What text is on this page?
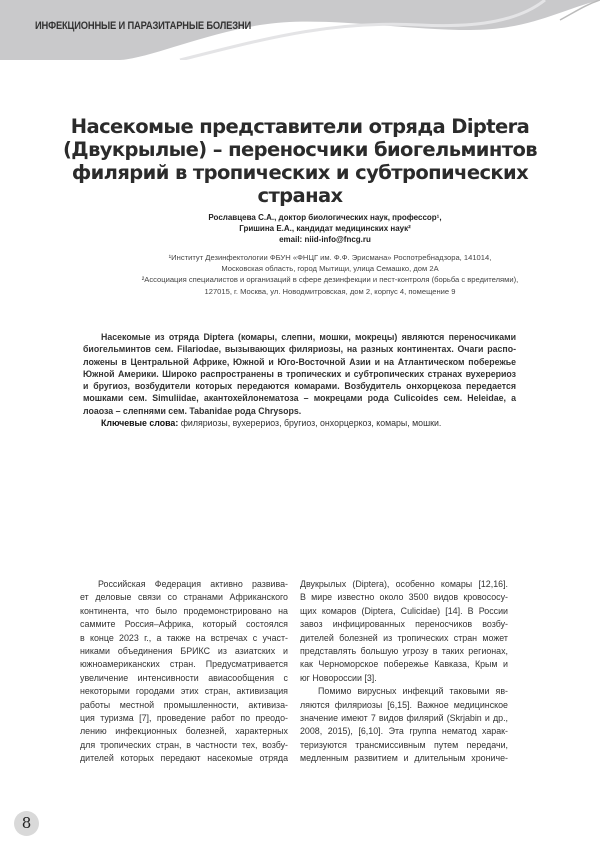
ИНФЕКЦИОННЫЕ И ПАРАЗИТАРНЫЕ БОЛЕЗНИ
Насекомые представители отряда Diptera
(Двукрылые) – переносчики биогельминтов
филярий в тропических и субтропических странах
Рославцева С.А., доктор биологических наук, профессор¹,
Гришина Е.А., кандидат медицинских наук²
email: niid-info@fncg.ru
¹Институт Дезинфектологии ФБУН «ФНЦГ им. Ф.Ф. Эрисмана» Роспотребнадзора, 141014,
Московская область, город Мытищи, улица Семашко, дом 2А
²Ассоциация специалистов и организаций в сфере дезинфекции и пест-контроля (борьба с вредителями),
127015, г. Москва, ул. Новодмитровская, дом 2, корпус 4, помещение 9
Насекомые из отряда Diptera (комары, слепни, мошки, мокрецы) являются переносчиками
биогельминтов сем. Filariodae, вызывающих филяриозы, на разных континентах. Очаги распо-
ложены в Центральной Африке, Южной и Юго-Восточной Азии и на Атлантическом побережье
Южной Америки. Широко распространены в тропических и субтропических странах вухерериоз
и бругиоз, возбудители которых передаются комарами. Возбудитель онхорцекоза передается
мошками сем. Simuliidae, акантохейлонематоза – мокрецами рода Culicoides сем. Heleidae, а
лоаоза – слепнями сем. Tabanidae рода Chrysops.
Ключевые слова: филяриозы, вухерериоз, бругиоз, онхорцеркоз, комары, мошки.
Российская Федерация активно развива-
ет деловые связи со странами Африканского
континента, что было продемонстрировано на
саммите Россия–Африка, который состоялся
в конце 2023 г., а также на встречах с участ-
никами объединения БРИКС из азиатских и
южноамериканских стран. Предусматривается
увеличение интенсивности авиасообщения с
некоторыми городами этих стран, активизация
работы местной промышленности, активиза-
ция туризма [7], проведение работ по преодо-
лению инфекционных болезней, характерных
для тропических стран, в частности тех, возбу-
дителей которых передают насекомые отряда
Двукрылых (Diptera), особенно комары [12,16].
В мире известно около 3500 видов кровососу-
щих комаров (Diptera, Culicidae) [14]. В России
завоз инфицированных переносчиков возбу-
дителей болезней из тропических стран может
представлять большую угрозу в таких регионах,
как Черноморское побережье Кавказа, Крым и
юг Новороссии [3].
Помимо вирусных инфекций таковыми яв-
ляются филяриозы [6,15]. Важное медицинское
значение имеют 7 видов филярий (Skrjabin и др.,
2008, 2015), [6,10]. Эта группа нематод харак-
теризуются трансмиссивным путем передачи,
медленным развитием и длительным хрониче-
8
